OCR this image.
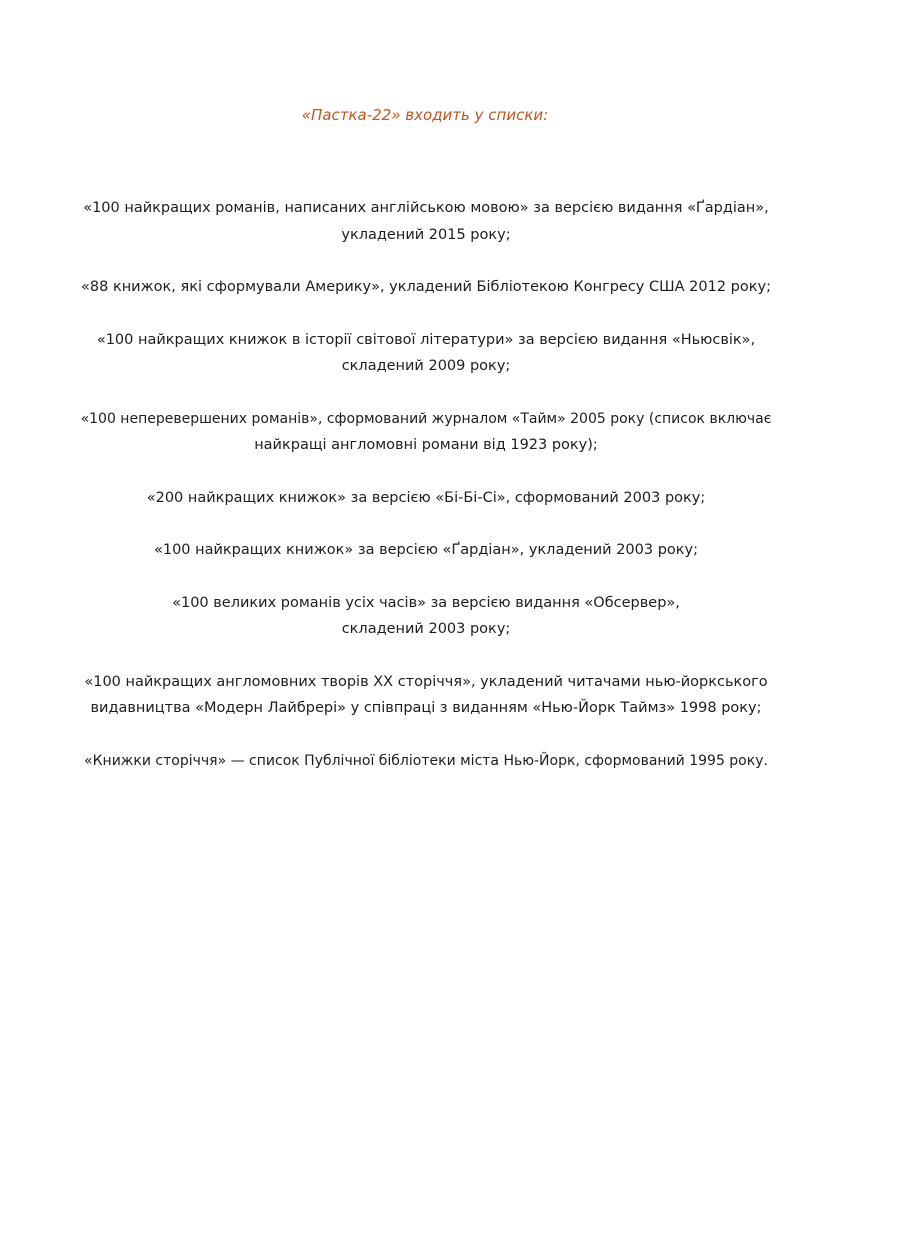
«Пастка-22» входить у списки:
«100 найкращих романів, написаних англійською мовою» за версією видання «Ґардіан»,
укладений 2015 року;
«88 книжок, які сформували Америку», укладений Бібліотекою Конгресу США 2012 року;
«100 найкращих книжок в історії світової літератури» за версією видання «Ньюсвік»,
складений 2009 року;
«100 неперевершених романів», сформований журналом «Тайм» 2005 року (список включає
найкращі англомовні романи від 1923 року);
«200 найкращих книжок» за версією «Бі-Бі-Сі», сформований 2003 року;
«100 найкращих книжок» за версією «Ґардіан», укладений 2003 року;
«100 великих романів усіх часів» за версією видання «Обсервер»,
складений 2003 року;
«100 найкращих англомовних творів ХХ сторіччя», укладений читачами нью-йоркського
видавництва «Модерн Лайбрері» у співпраці з виданням «Нью-Йорк Таймз» 1998 року;
«Книжки сторіччя» — список Публічної бібліотеки міста Нью-Йорк, сформований 1995 року.
